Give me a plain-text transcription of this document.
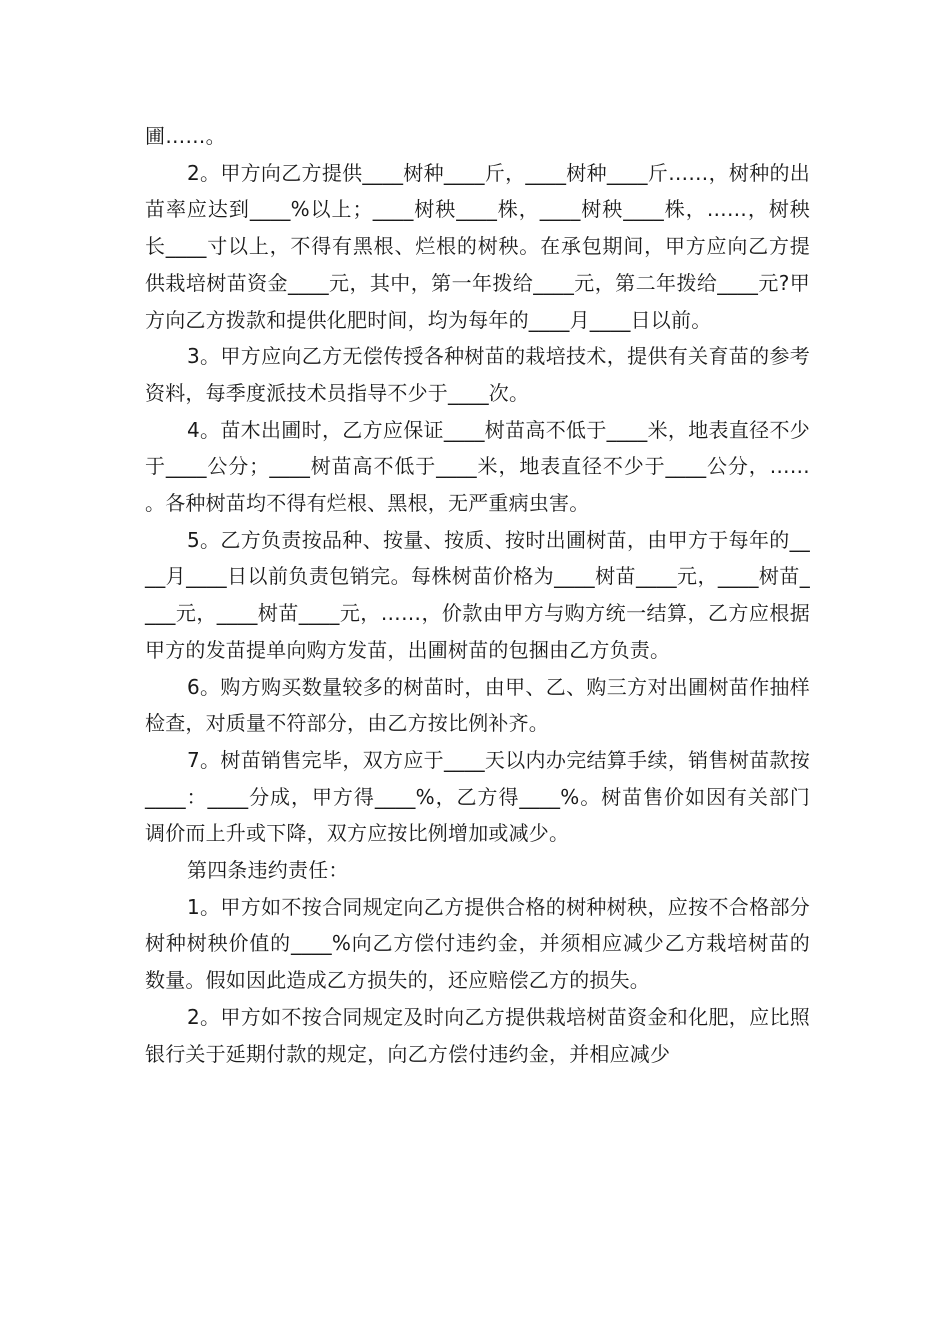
圃……。

2。甲方向乙方提供____树种____斤，____树种____斤……，树种的出苗率应达到____%以上；____树秧____株，____树秧____株，……，树秧长____寸以上，不得有黑根、烂根的树秧。在承包期间，甲方应向乙方提供栽培树苗资金____元，其中，第一年拨给____元，第二年拨给____元?甲方向乙方拨款和提供化肥时间，均为每年的____月____日以前。

3。甲方应向乙方无偿传授各种树苗的栽培技术，提供有关育苗的参考资料，每季度派技术员指导不少于____次。

4。苗木出圃时，乙方应保证____树苗高不低于____米，地表直径不少于____公分；____树苗高不低于____米，地表直径不少于____公分，……。各种树苗均不得有烂根、黑根，无严重病虫害。

5。乙方负责按品种、按量、按质、按时出圃树苗，由甲方于每年的____月____日以前负责包销完。每株树苗价格为____树苗____元，____树苗____元，____树苗____元，……，价款由甲方与购方统一结算，乙方应根据甲方的发苗提单向购方发苗，出圃树苗的包捆由乙方负责。

6。购方购买数量较多的树苗时，由甲、乙、购三方对出圃树苗作抽样检查，对质量不符部分，由乙方按比例补齐。

7。树苗销售完毕，双方应于____天以内办完结算手续，销售树苗款按____：____分成，甲方得____%，乙方得____%。树苗售价如因有关部门调价而上升或下降，双方应按比例增加或减少。

第四条违约责任：

1。甲方如不按合同规定向乙方提供合格的树种树秧，应按不合格部分树种树秧价值的____%向乙方偿付违约金，并须相应减少乙方栽培树苗的数量。假如因此造成乙方损失的，还应赔偿乙方的损失。

2。甲方如不按合同规定及时向乙方提供栽培树苗资金和化肥，应比照银行关于延期付款的规定，向乙方偿付违约金，并相应减少
